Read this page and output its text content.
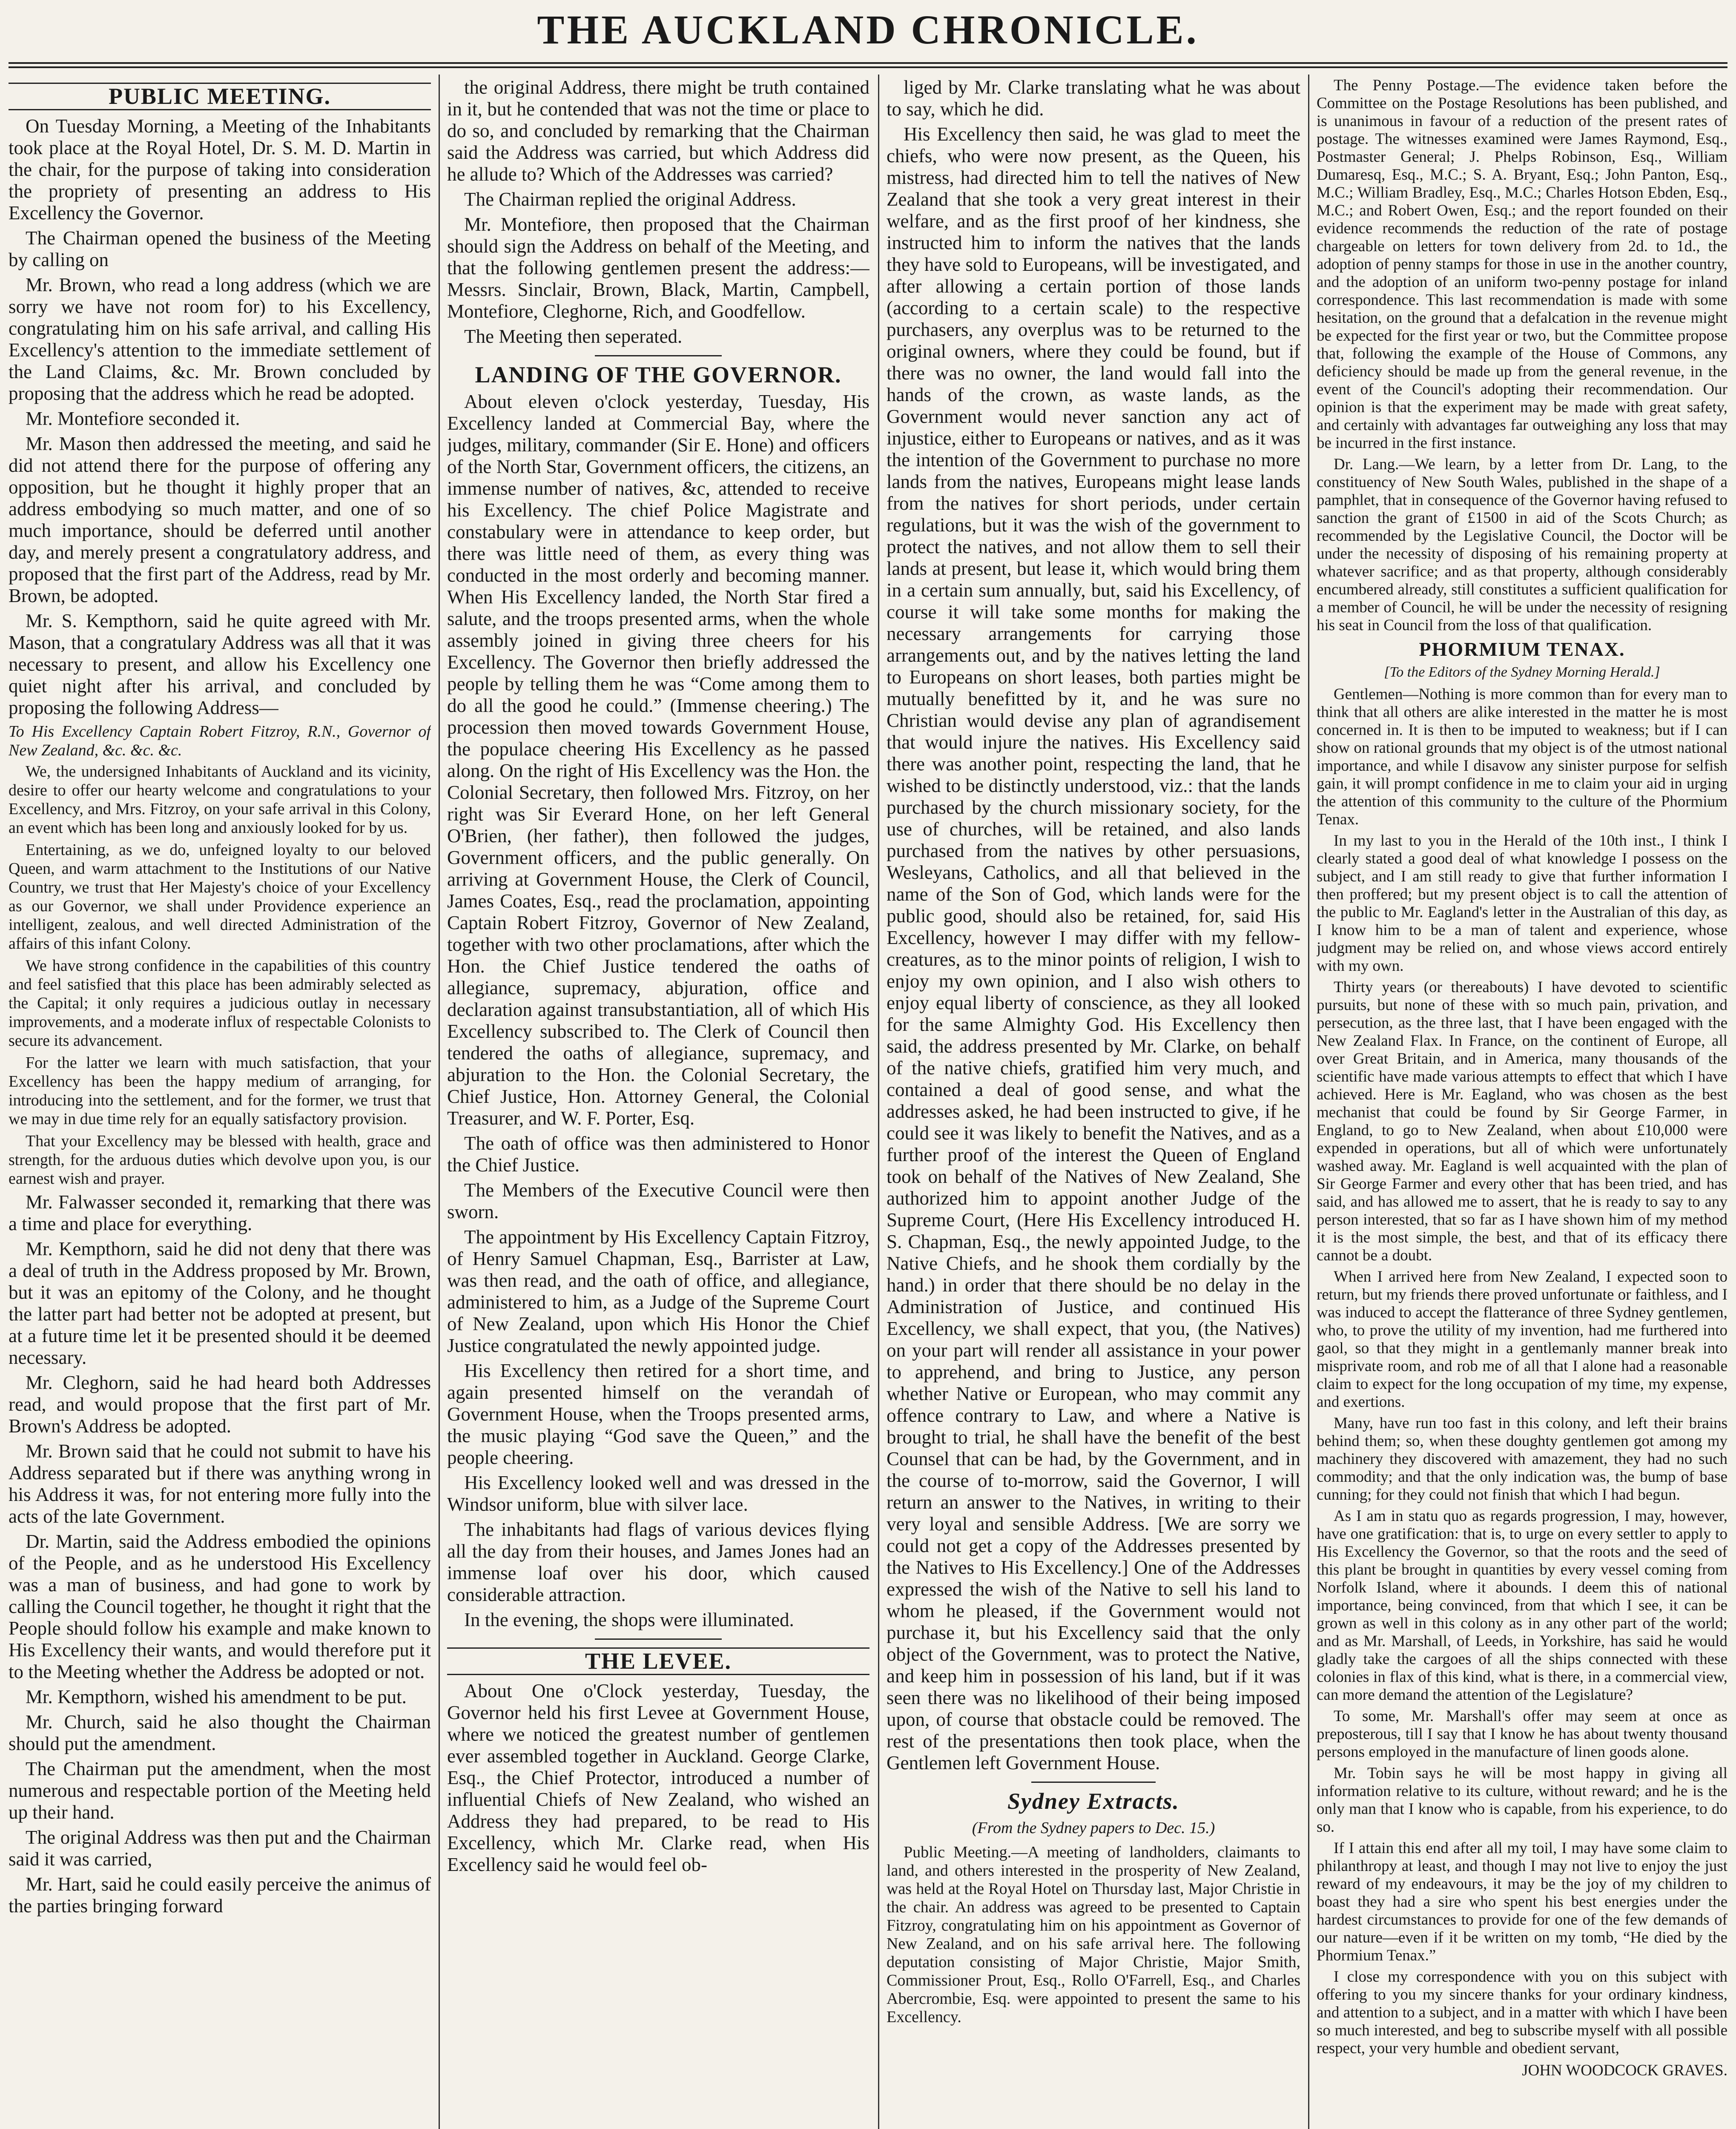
THE AUCKLAND CHRONICLE.
PUBLIC MEETING.

On Tuesday Morning, a Meeting of the Inhabitants took place at the Royal Hotel, Dr. S. M. D. Martin in the chair, for the purpose of taking into consideration the propriety of presenting an address to His Excellency the Governor.

The Chairman opened the business of the Meeting by calling on

Mr. Brown, who read a long address (which we are sorry we have not room for) to his Excellency, congratulating him on his safe arrival, and calling His Excellency's attention to the immediate settlement of the Land Claims, &c. Mr. Brown concluded by proposing that the address which he read be adopted.

Mr. Montefiore seconded it.

Mr. Mason then addressed the meeting, and said he did not attend there for the purpose of offering any opposition, but he thought it highly proper that an address embodying so much matter, and one of so much importance, should be deferred until another day, and merely present a congratulatory address, and proposed that the first part of the Address, read by Mr. Brown, be adopted.

Mr. S. Kempthorn, said he quite agreed with Mr. Mason, that a congratulary Address was all that it was necessary to present, and allow his Excellency one quiet night after his arrival, and concluded by proposing the following Address—

To His Excellency Captain Robert Fitzroy, R.N., Governor of New Zealand, &c. &c. &c.

We, the undersigned Inhabitants of Auckland and its vicinity, desire to offer our hearty welcome and congratulations to your Excellency, and Mrs. Fitzroy, on your safe arrival in this Colony, an event which has been long and anxiously looked for by us.

Entertaining, as we do, unfeigned loyalty to our beloved Queen, and warm attachment to the Institutions of our Native Country, we trust that Her Majesty's choice of your Excellency as our Governor, we shall under Providence experience an intelligent, zealous, and well directed Administration of the affairs of this infant Colony.

We have strong confidence in the capabilities of this country and feel satisfied that this place has been admirably selected as the Capital; it only requires a judicious outlay in necessary improvements, and a moderate influx of respectable Colonists to secure its advancement.

For the latter we learn with much satisfaction, that your Excellency has been the happy medium of arranging, for introducing into the settlement, and for the former, we trust that we may in due time rely for an equally satisfactory provision.

That your Excellency may be blessed with health, grace and strength, for the arduous duties which devolve upon you, is our earnest wish and prayer.

Mr. Falwasser seconded it, remarking that there was a time and place for everything.

Mr. Kempthorn, said he did not deny that there was a deal of truth in the Address proposed by Mr. Brown, but it was an epitomy of the Colony, and he thought the latter part had better not be adopted at present, but at a future time let it be presented should it be deemed necessary.

Mr. Cleghorn, said he had heard both Addresses read, and would propose that the first part of Mr. Brown's Address be adopted.

Mr. Brown said that he could not submit to have his Address separated but if there was anything wrong in his Address it was, for not entering more fully into the acts of the late Government.

Dr. Martin, said the Address embodied the opinions of the People, and as he understood His Excellency was a man of business, and had gone to work by calling the Council together, he thought it right that the People should follow his example and make known to His Excellency their wants, and would therefore put it to the Meeting whether the Address be adopted or not.

Mr. Kempthorn, wished his amendment to be put.

Mr. Church, said he also thought the Chairman should put the amendment.

The Chairman put the amendment, when the most numerous and respectable portion of the Meeting held up their hand.

The original Address was then put and the Chairman said it was carried,

Mr. Hart, said he could easily perceive the animus of the parties bringing forward

the original Address, there might be truth contained in it, but he contended that was not the time or place to do so, and concluded by remarking that the Chairman said the Address was carried, but which Address did he allude to? Which of the Addresses was carried?

The Chairman replied the original Address.

Mr. Montefiore, then proposed that the Chairman should sign the Address on behalf of the Meeting, and that the following gentlemen present the address:—Messrs. Sinclair, Brown, Black, Martin, Campbell, Montefiore, Cleghorne, Rich, and Goodfellow.

The Meeting then seperated.

LANDING OF THE GOVERNOR.

About eleven o'clock yesterday, Tuesday, His Excellency landed at Commercial Bay, where the judges, military, commander (Sir E. Hone) and officers of the North Star, Government officers, the citizens, an immense number of natives, &c, attended to receive his Excellency. The chief Police Magistrate and constabulary were in attendance to keep order, but there was little need of them, as every thing was conducted in the most orderly and becoming manner. When His Excellency landed, the North Star fired a salute, and the troops presented arms, when the whole assembly joined in giving three cheers for his Excellency. The Governor then briefly addressed the people by telling them he was “Come among them to do all the good he could.” (Immense cheering.) The procession then moved towards Government House, the populace cheering His Excellency as he passed along. On the right of His Excellency was the Hon. the Colonial Secretary, then followed Mrs. Fitzroy, on her right was Sir Everard Hone, on her left General O'Brien, (her father), then followed the judges, Government officers, and the public generally. On arriving at Government House, the Clerk of Council, James Coates, Esq., read the proclamation, appointing Captain Robert Fitzroy, Governor of New Zealand, together with two other proclamations, after which the Hon. the Chief Justice tendered the oaths of allegiance, supremacy, abjuration, office and declaration against transubstantiation, all of which His Excellency subscribed to. The Clerk of Council then tendered the oaths of allegiance, supremacy, and abjuration to the Hon. the Colonial Secretary, the Chief Justice, Hon. Attorney General, the Colonial Treasurer, and W. F. Porter, Esq.

The oath of office was then administered to Honor the Chief Justice.

The Members of the Executive Council were then sworn.

The appointment by His Excellency Captain Fitzroy, of Henry Samuel Chapman, Esq., Barrister at Law, was then read, and the oath of office, and allegiance, administered to him, as a Judge of the Supreme Court of New Zealand, upon which His Honor the Chief Justice congratulated the newly appointed judge.

His Excellency then retired for a short time, and again presented himself on the verandah of Government House, when the Troops presented arms, the music playing “God save the Queen,” and the people cheering.

His Excellency looked well and was dressed in the Windsor uniform, blue with silver lace.

The inhabitants had flags of various devices flying all the day from their houses, and James Jones had an immense loaf over his door, which caused considerable attraction.

In the evening, the shops were illuminated.

THE LEVEE.

About One o'Clock yesterday, Tuesday, the Governor held his first Levee at Government House, where we noticed the greatest number of gentlemen ever assembled together in Auckland. George Clarke, Esq., the Chief Protector, introduced a number of influential Chiefs of New Zealand, who wished an Address they had prepared, to be read to His Excellency, which Mr. Clarke read, when His Excellency said he would feel ob-

liged by Mr. Clarke translating what he was about to say, which he did.

His Excellency then said, he was glad to meet the chiefs, who were now present, as the Queen, his mistress, had directed him to tell the natives of New Zealand that she took a very great interest in their welfare, and as the first proof of her kindness, she instructed him to inform the natives that the lands they have sold to Europeans, will be investigated, and after allowing a certain portion of those lands (according to a certain scale) to the respective purchasers, any overplus was to be returned to the original owners, where they could be found, but if there was no owner, the land would fall into the hands of the crown, as waste lands, as the Government would never sanction any act of injustice, either to Europeans or natives, and as it was the intention of the Government to purchase no more lands from the natives, Europeans might lease lands from the natives for short periods, under certain regulations, but it was the wish of the government to protect the natives, and not allow them to sell their lands at present, but lease it, which would bring them in a certain sum annually, but, said his Excellency, of course it will take some months for making the necessary arrangements for carrying those arrangements out, and by the natives letting the land to Europeans on short leases, both parties might be mutually benefitted by it, and he was sure no Christian would devise any plan of agrandisement that would injure the natives. His Excellency said there was another point, respecting the land, that he wished to be distinctly understood, viz.: that the lands purchased by the church missionary society, for the use of churches, will be retained, and also lands purchased from the natives by other persuasions, Wesleyans, Catholics, and all that believed in the name of the Son of God, which lands were for the public good, should also be retained, for, said His Excellency, however I may differ with my fellow-creatures, as to the minor points of religion, I wish to enjoy my own opinion, and I also wish others to enjoy equal liberty of conscience, as they all looked for the same Almighty God. His Excellency then said, the address presented by Mr. Clarke, on behalf of the native chiefs, gratified him very much, and contained a deal of good sense, and what the addresses asked, he had been instructed to give, if he could see it was likely to benefit the Natives, and as a further proof of the interest the Queen of England took on behalf of the Natives of New Zealand, She authorized him to appoint another Judge of the Supreme Court, (Here His Excellency introduced H. S. Chapman, Esq., the newly appointed Judge, to the Native Chiefs, and he shook them cordially by the hand.) in order that there should be no delay in the Administration of Justice, and continued His Excellency, we shall expect, that you, (the Natives) on your part will render all assistance in your power to apprehend, and bring to Justice, any person whether Native or European, who may commit any offence contrary to Law, and where a Native is brought to trial, he shall have the benefit of the best Counsel that can be had, by the Government, and in the course of to-morrow, said the Governor, I will return an answer to the Natives, in writing to their very loyal and sensible Address. [We are sorry we could not get a copy of the Addresses presented by the Natives to His Excellency.] One of the Addresses expressed the wish of the Native to sell his land to whom he pleased, if the Government would not purchase it, but his Excellency said that the only object of the Government, was to protect the Native, and keep him in possession of his land, but if it was seen there was no likelihood of their being imposed upon, of course that obstacle could be removed. The rest of the presentations then took place, when the Gentlemen left Government House.

Sydney Extracts.
(From the Sydney papers to Dec. 15.)

Public Meeting.—A meeting of landholders, claimants to land, and others interested in the prosperity of New Zealand, was held at the Royal Hotel on Thursday last, Major Christie in the chair. An address was agreed to be presented to Captain Fitzroy, congratulating him on his appointment as Governor of New Zealand, and on his safe arrival here. The following deputation consisting of Major Christie, Major Smith, Commissioner Prout, Esq., Rollo O'Farrell, Esq., and Charles Abercrombie, Esq. were appointed to present the same to his Excellency.

The Penny Postage.—The evidence taken before the Committee on the Postage Resolutions has been published, and is unanimous in favour of a reduction of the present rates of postage. The witnesses examined were James Raymond, Esq., Postmaster General; J. Phelps Robinson, Esq., William Dumaresq, Esq., M.C.; S. A. Bryant, Esq.; John Panton, Esq., M.C.; William Bradley, Esq., M.C.; Charles Hotson Ebden, Esq., M.C.; and Robert Owen, Esq.; and the report founded on their evidence recommends the reduction of the rate of postage chargeable on letters for town delivery from 2d. to 1d., the adoption of penny stamps for those in use in the another country, and the adoption of an uniform two-penny postage for inland correspondence. This last recommendation is made with some hesitation, on the ground that a defalcation in the revenue might be expected for the first year or two, but the Committee propose that, following the example of the House of Commons, any deficiency should be made up from the general revenue, in the event of the Council's adopting their recommendation. Our opinion is that the experiment may be made with great safety, and certainly with advantages far outweighing any loss that may be incurred in the first instance.

Dr. Lang.—We learn, by a letter from Dr. Lang, to the constituency of New South Wales, published in the shape of a pamphlet, that in consequence of the Governor having refused to sanction the grant of £1500 in aid of the Scots Church; as recommended by the Legislative Council, the Doctor will be under the necessity of disposing of his remaining property at whatever sacrifice; and as that property, although considerably encumbered already, still constitutes a sufficient qualification for a member of Council, he will be under the necessity of resigning his seat in Council from the loss of that qualification.

PHORMIUM TENAX.
[To the Editors of the Sydney Morning Herald.]

Gentlemen—Nothing is more common than for every man to think that all others are alike interested in the matter he is most concerned in. It is then to be imputed to weakness; but if I can show on rational grounds that my object is of the utmost national importance, and while I disavow any sinister purpose for selfish gain, it will prompt confidence in me to claim your aid in urging the attention of this community to the culture of the Phormium Tenax.

In my last to you in the Herald of the 10th inst., I think I clearly stated a good deal of what knowledge I possess on the subject, and I am still ready to give that further information I then proffered; but my present object is to call the attention of the public to Mr. Eagland's letter in the Australian of this day, as I know him to be a man of talent and experience, whose judgment may be relied on, and whose views accord entirely with my own.

Thirty years (or thereabouts) I have devoted to scientific pursuits, but none of these with so much pain, privation, and persecution, as the three last, that I have been engaged with the New Zealand Flax. In France, on the continent of Europe, all over Great Britain, and in America, many thousands of the scientific have made various attempts to effect that which I have achieved. Here is Mr. Eagland, who was chosen as the best mechanist that could be found by Sir George Farmer, in England, to go to New Zealand, when about £10,000 were expended in operations, but all of which were unfortunately washed away. Mr. Eagland is well acquainted with the plan of Sir George Farmer and every other that has been tried, and has said, and has allowed me to assert, that he is ready to say to any person interested, that so far as I have shown him of my method it is the most simple, the best, and that of its efficacy there cannot be a doubt.

When I arrived here from New Zealand, I expected soon to return, but my friends there proved unfortunate or faithless, and I was induced to accept the flatterance of three Sydney gentlemen, who, to prove the utility of my invention, had me furthered into gaol, so that they might in a gentlemanly manner break into misprivate room, and rob me of all that I alone had a reasonable claim to expect for the long occupation of my time, my expense, and exertions.

Many, have run too fast in this colony, and left their brains behind them; so, when these doughty gentlemen got among my machinery they discovered with amazement, they had no such commodity; and that the only indication was, the bump of base cunning; for they could not finish that which I had begun.

As I am in statu quo as regards progression, I may, however, have one gratification: that is, to urge on every settler to apply to His Excellency the Governor, so that the roots and the seed of this plant be brought in quantities by every vessel coming from Norfolk Island, where it abounds. I deem this of national importance, being convinced, from that which I see, it can be grown as well in this colony as in any other part of the world; and as Mr. Marshall, of Leeds, in Yorkshire, has said he would gladly take the cargoes of all the ships connected with these colonies in flax of this kind, what is there, in a commercial view, can more demand the attention of the Legislature?

To some, Mr. Marshall's offer may seem at once as preposterous, till I say that I know he has about twenty thousand persons employed in the manufacture of linen goods alone.

Mr. Tobin says he will be most happy in giving all information relative to its culture, without reward; and he is the only man that I know who is capable, from his experience, to do so.

If I attain this end after all my toil, I may have some claim to philanthropy at least, and though I may not live to enjoy the just reward of my endeavours, it may be the joy of my children to boast they had a sire who spent his best energies under the hardest circumstances to provide for one of the few demands of our nature—even if it be written on my tomb, “He died by the Phormium Tenax.”

I close my correspondence with you on this subject with offering to you my sincere thanks for your ordinary kindness, and attention to a subject, and in a matter with which I have been so much interested, and beg to subscribe myself with all possible respect, your very humble and obedient servant,

JOHN WOODCOCK GRAVES.
